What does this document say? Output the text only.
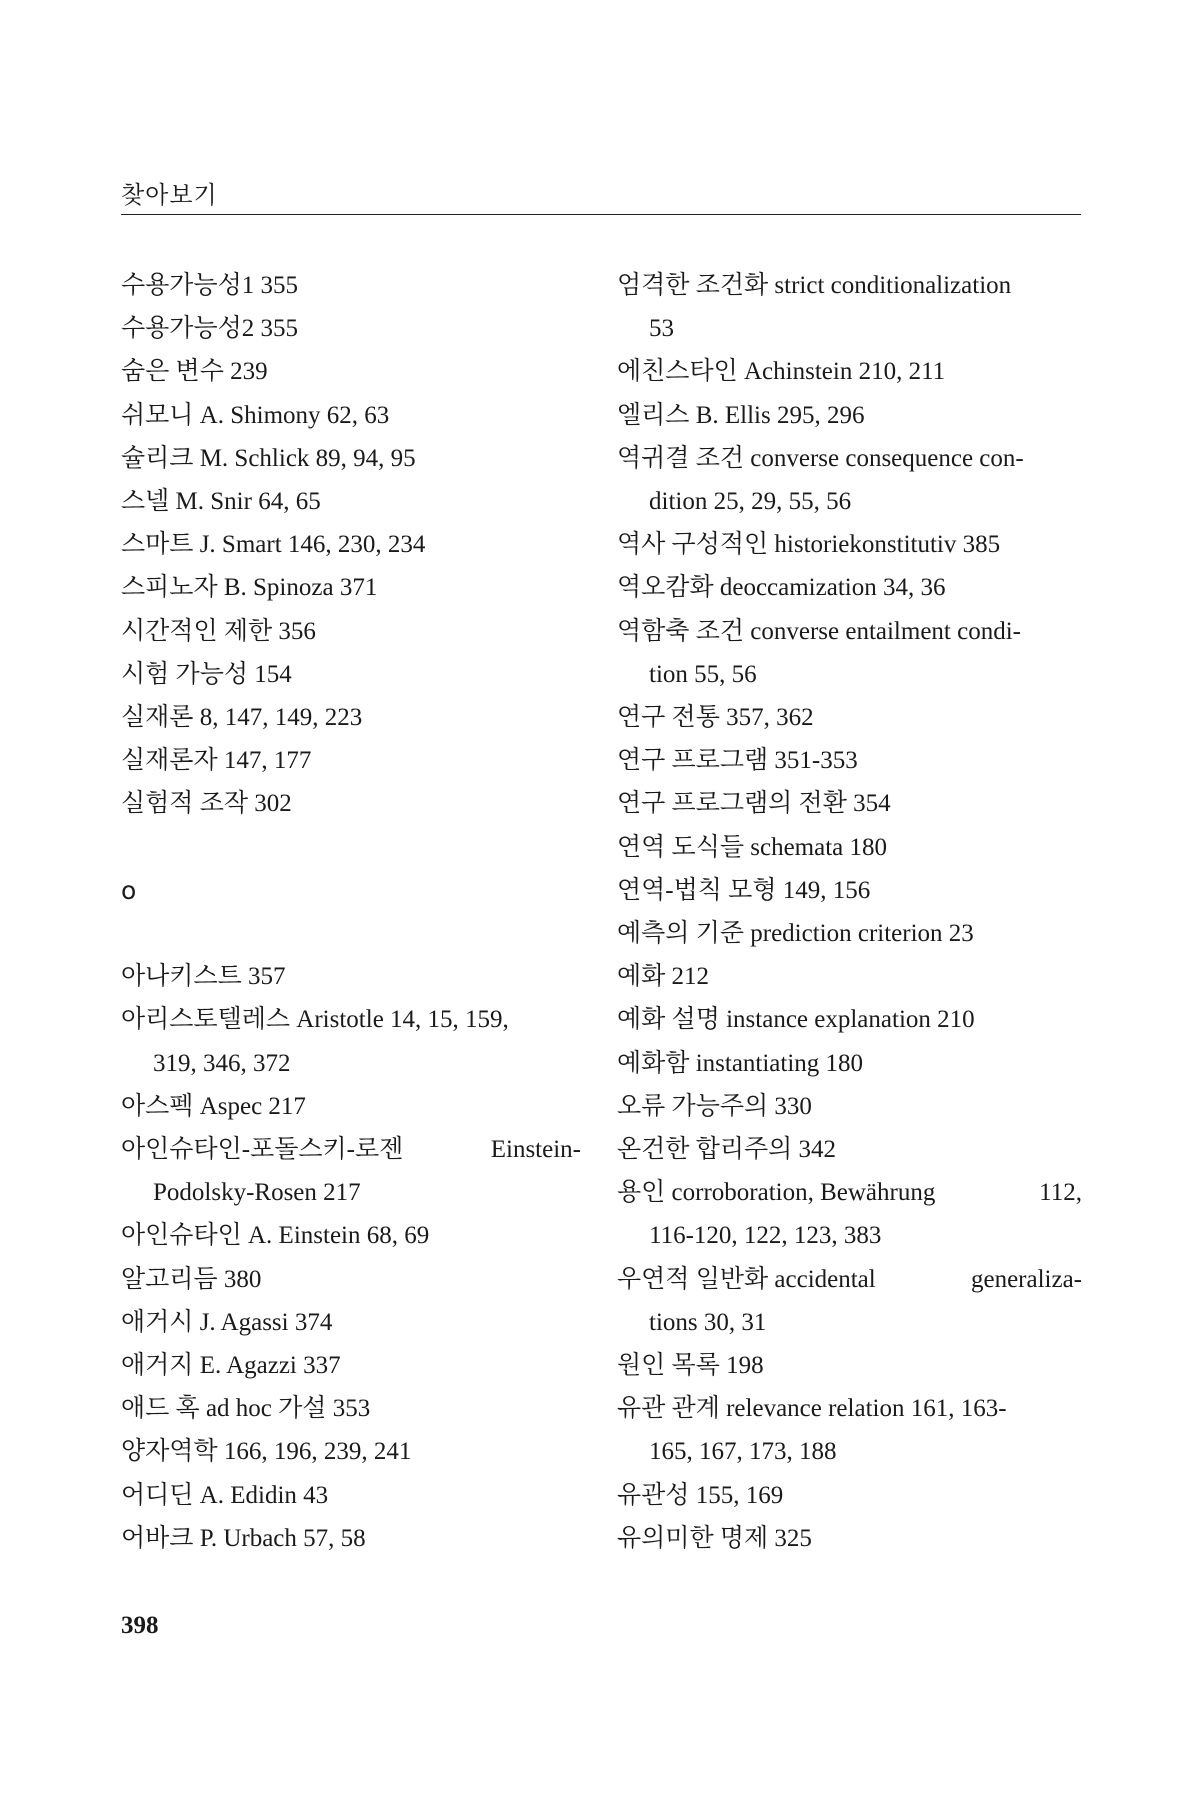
찾아보기
수용가능성1 355
수용가능성2 355
숨은 변수 239
쉬모니 A. Shimony 62, 63
슐리크 M. Schlick 89, 94, 95
스넬 M. Snir 64, 65
스마트 J. Smart 146, 230, 234
스피노자 B. Spinoza 371
시간적인 제한 356
시험 가능성 154
실재론 8, 147, 149, 223
실재론자 147, 177
실험적 조작 302
o
아나키스트 357
아리스토텔레스 Aristotle 14, 15, 159,
319, 346, 372
아스펙 Aspec 217
아인슈타인-포돌스키-로젠	Einstein-
Podolsky-Rosen 217
아인슈타인 A. Einstein 68, 69
알고리듬 380
애거시 J. Agassi 374
애거지 E. Agazzi 337
애드 혹 ad hoc 가설 353
양자역학 166, 196, 239, 241
어디딘 A. Edidin 43
어바크 P. Urbach 57, 58
엄격한 조건화 strict conditionalization
53
에친스타인 Achinstein 210, 211
엘리스 B. Ellis 295, 296
역귀결 조건 converse consequence con-
dition 25, 29, 55, 56
역사 구성적인 historiekonstitutiv 385
역오캄화 deoccamization 34, 36
역함축 조건 converse entailment condi-
tion 55, 56
연구 전통 357, 362
연구 프로그램 351-353
연구 프로그램의 전환 354
연역 도식들 schemata 180
연역-법칙 모형 149, 156
예측의 기준 prediction criterion 23
예화 212
예화 설명 instance explanation 210
예화함 instantiating 180
오류 가능주의 330
온건한 합리주의 342
용인 corroboration, Bewährung	112,
116-120, 122, 123, 383
우연적 일반화 accidental	generaliza-
tions 30, 31
원인 목록 198
유관 관계 relevance relation 161, 163-
165, 167, 173, 188
유관성 155, 169
유의미한 명제 325
398
